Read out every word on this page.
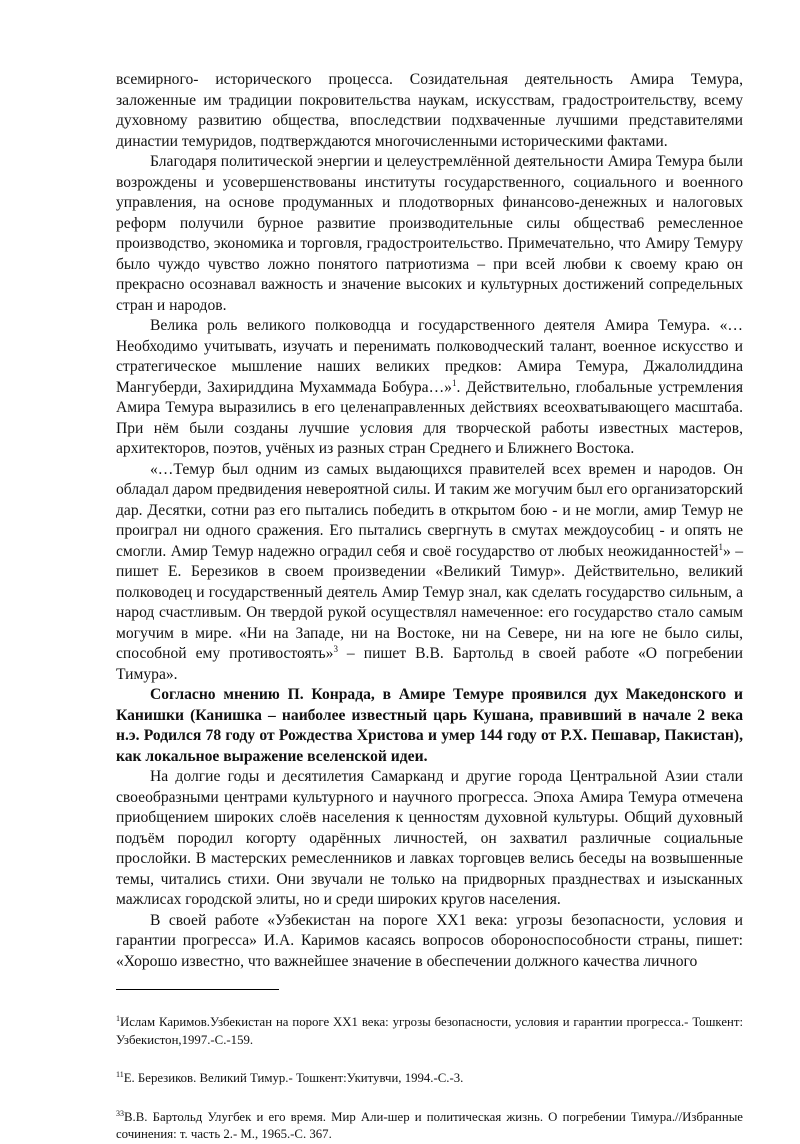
всемирного- исторического процесса. Созидательная деятельность Амира Темура, заложенные им традиции покровительства наукам, искусствам, градостроительству, всему духовному развитию общества, впоследствии подхваченные лучшими представителями династии темуридов, подтверждаются многочисленными историческими фактами.

Благодаря политической энергии и целеустремлённой деятельности Амира Темура были возрождены и усовершенствованы институты государственного, социального и военного управления, на основе продуманных и плодотворных финансово-денежных и налоговых реформ получили бурное развитие производительные силы общества6 ремесленное производство, экономика и торговля, градостроительство. Примечательно, что Амиру Темуру было чуждо чувство ложно понятого патриотизма – при всей любви к своему краю он прекрасно осознавал важность и значение высоких и культурных достижений сопредельных стран и народов.

Велика роль великого полководца и государственного деятеля Амира Темура. «…Необходимо учитывать, изучать и перенимать полководческий талант, военное искусство и стратегическое мышление наших великих предков: Амира Темура, Джалолиддина Мангуберди, Захириддина Мухаммада Бобура…»$^1$. Действительно, глобальные устремления Амира Темура выразились в его целенаправленных действиях всеохватывающего масштаба. При нём были созданы лучшие условия для творческой работы известных мастеров, архитекторов, поэтов, учёных из разных стран Среднего и Ближнего Востока.

«…Темур был одним из самых выдающихся правителей всех времен и народов. Он обладал даром предвидения невероятной силы. И таким же могучим был его организаторский дар. Десятки, сотни раз его пытались победить в открытом бою - и не могли, амир Темур не проиграл ни одного сражения. Его пытались свергнуть в смутах междоусобиц - и опять не смогли. Амир Темур надежно оградил себя и своё государство от любых неожиданностей$^1$» – пишет Е. Березиков в своем произведении «Великий Тимур». Действительно, великий полководец и государственный деятель Амир Темур знал, как сделать государство сильным, а народ счастливым. Он твердой рукой осуществлял намеченное: его государство стало самым могучим в мире. «Ни на Западе, ни на Востоке, ни на Севере, ни на юге не было силы, способной ему противостоять»$^3$ – пишет В.В. Бартольд в своей работе «О погребении Тимура».

Согласно мнению П. Конрада, в Амире Темуре проявился дух Македонского и Канишки (Канишка – наиболее известный царь Кушана, правивший в начале 2 века н.э. Родился 78 году от Рождества Христова и умер 144 году от Р.Х. Пешавар, Пакистан), как локальное выражение вселенской идеи.

На долгие годы и десятилетия Самарканд и другие города Центральной Азии стали своеобразными центрами культурного и научного прогресса. Эпоха Амира Темура отмечена приобщением широких слоёв населения к ценностям духовной культуры. Общий духовный подъём породил когорту одарённых личностей, он захватил различные социальные прослойки. В мастерских ремесленников и лавках торговцев велись беседы на возвышенные темы, читались стихи. Они звучали не только на придворных празднествах и изысканных мажлисах городской элиты, но и среди широких кругов населения.

В своей работе «Узбекистан на пороге ХХ1 века: угрозы безопасности, условия и гарантии прогресса» И.А. Каримов касаясь вопросов обороноспособности страны, пишет: «Хорошо известно, что важнейшее значение в обеспечении должного качества личного

$^1$Ислам Каримов.Узбекистан на пороге ХХ1 века: угрозы безопасности, условия и гарантии прогресса.- Тошкент: Узбекистон,1997.-С.-159.

$^{11}$Е. Березиков. Великий Тимур.- Тошкент:Укитувчи, 1994.-С.-3.

$^{33}$В.В. Бартольд Улугбек и его время. Мир Али-шер и политическая жизнь. О погребении Тимура.//Избранные сочинения: т. часть 2.- М., 1965.-С. 367.
